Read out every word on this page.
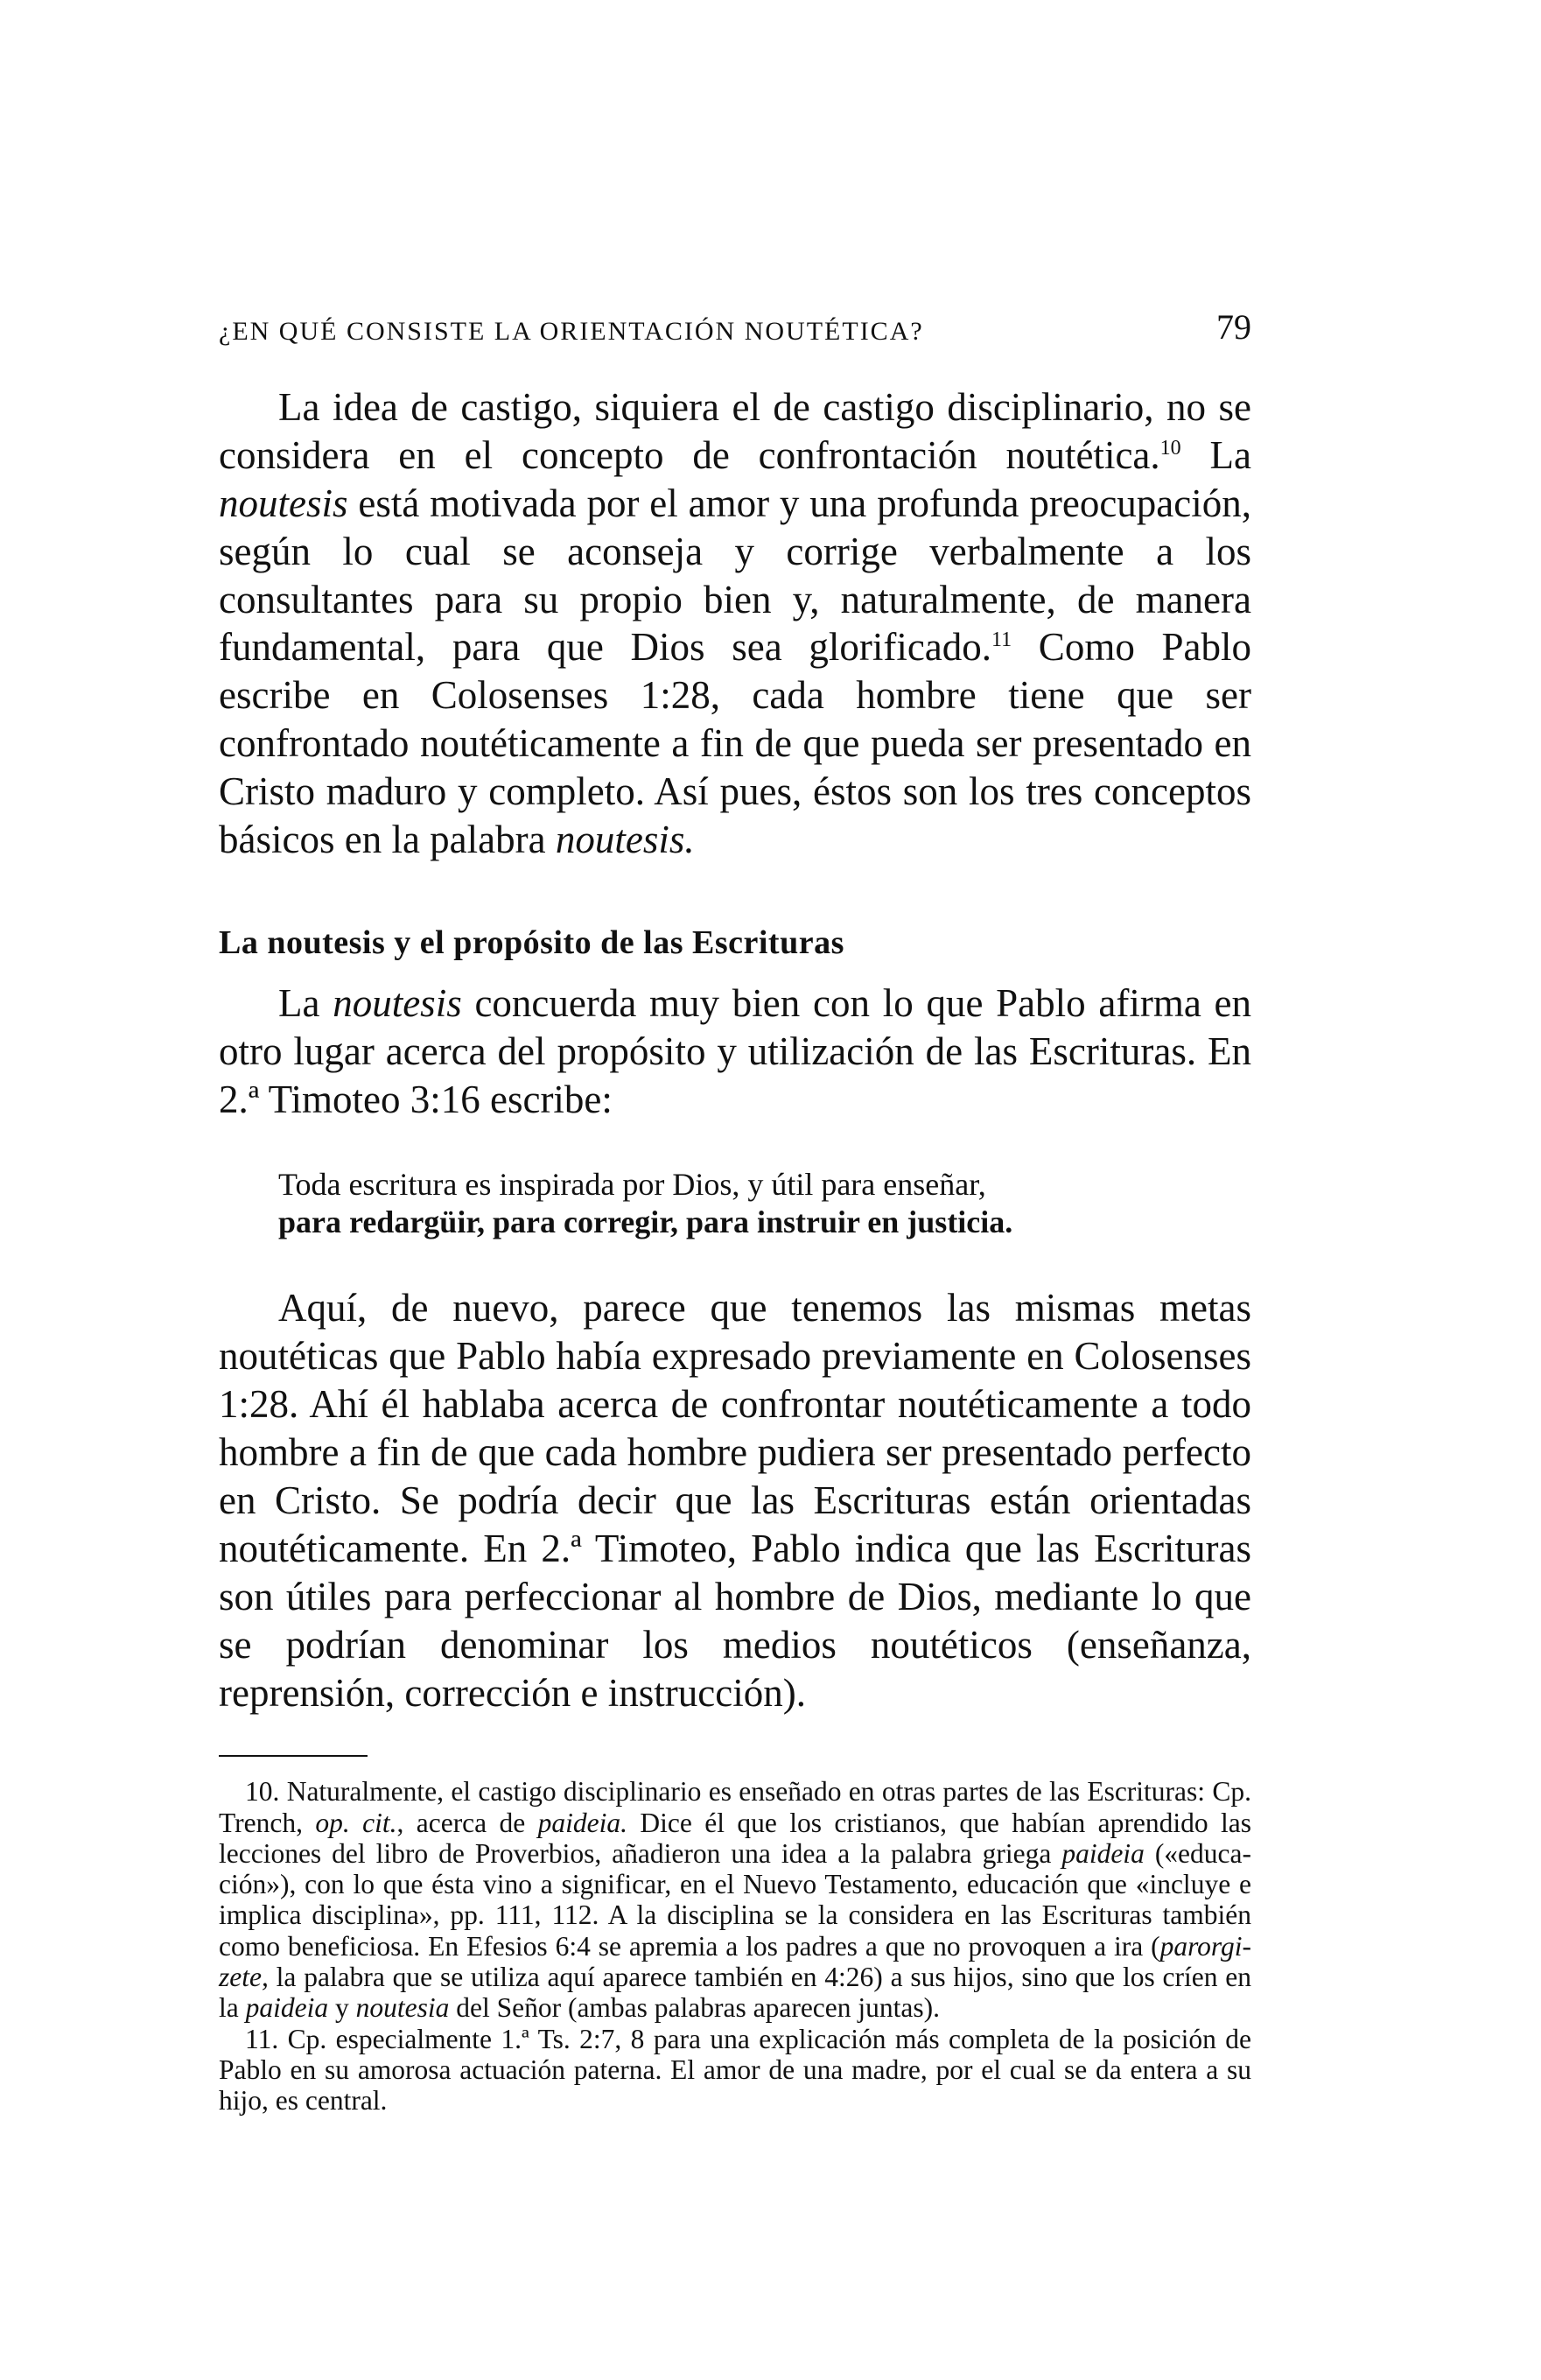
¿EN QUÉ CONSISTE LA ORIENTACIÓN NOUTÉTICA?	79

La idea de castigo, siquiera el de castigo disciplinario, no se considera en el concepto de confrontación noutética.$^{10}$ La noutesis está motivada por el amor y una profunda preocupación, según lo cual se aconseja y corrige verbalmente a los consultantes para su propio bien y, naturalmente, de manera fundamental, para que Dios sea glorificado.$^{11}$ Como Pablo escribe en Colosenses 1:28, cada hombre tiene que ser confrontado noutéticamente a fin de que pueda ser presentado en Cristo maduro y completo. Así pues, éstos son los tres conceptos básicos en la palabra noutesis.

La noutesis y el propósito de las Escrituras

La noutesis concuerda muy bien con lo que Pablo afirma en otro lugar acerca del propósito y utilización de las Escrituras. En 2.ª Timoteo 3:16 escribe:

Toda escritura es inspirada por Dios, y útil para enseñar,
para redargüir, para corregir, para instruir en justicia.

Aquí, de nuevo, parece que tenemos las mismas metas noutéticas que Pablo había expresado previamente en Colosenses 1:28. Ahí él hablaba acerca de confrontar noutéticamente a todo hombre a fin de que cada hombre pudiera ser presentado perfecto en Cristo. Se podría decir que las Escrituras están orientadas noutéticamente. En 2.ª Timoteo, Pablo indica que las Escrituras son útiles para perfeccionar al hombre de Dios, mediante lo que se podrían denominar los medios noutéticos (enseñanza, reprensión, corrección e instrucción).

10. Naturalmente, el castigo disciplinario es enseñado en otras partes de las Escrituras: Cp. Trench, op. cit., acerca de paideia. Dice él que los cristianos, que habían aprendido las lecciones del libro de Proverbios, añadieron una idea a la palabra griega paideia («educación»), con lo que ésta vino a significar, en el Nuevo Testamento, educación que «incluye e implica disciplina», pp. 111, 112. A la disciplina se la considera en las Escrituras también como beneficiosa. En Efesios 6:4 se apremia a los padres a que no provoquen a ira (parorgizete, la palabra que se utiliza aquí aparece también en 4:26) a sus hijos, sino que los críen en la paideia y noutesia del Señor (ambas palabras aparecen juntas).

11. Cp. especialmente 1.ª Ts. 2:7, 8 para una explicación más completa de la posición de Pablo en su amorosa actuación paterna. El amor de una madre, por el cual se da entera a su hijo, es central.
